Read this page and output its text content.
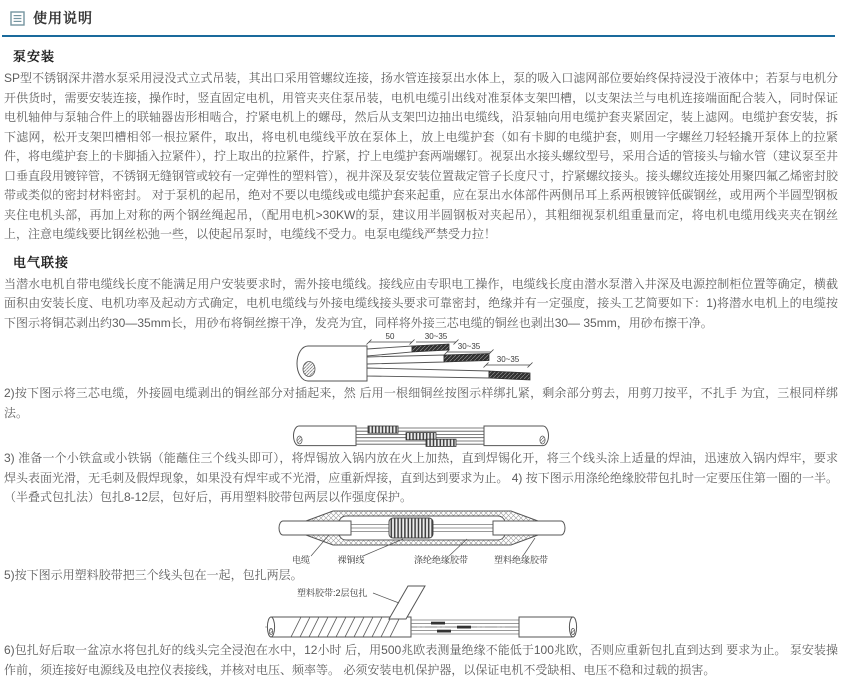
使用说明
泵安装

SP型不锈钢深井潜水泵采用浸没式立式吊装，其出口采用管螺纹连接，扬水管连接泵出水体上，泵的吸入口滤网部位要始终保持浸没于液体中；若泵与电机分开供货时，需要安装连接，操作时，竖直固定电机，用管夹夹住泵吊装，电机电缆引出线对准泵体支架凹槽，以支架法兰与电机连接端面配合装入，同时保证电机轴伸与泵轴合件上的联轴器齿形相啮合，拧紧电机上的螺母，然后从支架凹边抽出电缆线，沿泵轴向用电缆护套夹紧固定，装上滤网。电缆护套安装，拆下滤网，松开支架凹槽相邻一根拉紧件，取出，将电机电缆线平放在泵体上，放上电缆护套（如有卡脚的电缆护套，则用一字螺丝刀轻轻撬开泵体上的拉紧件，将电缆护套上的卡脚插入拉紧件），拧上取出的拉紧件，拧紧，拧上电缆护套两端螺钉。视泵出水接头螺纹型号，采用合适的管接头与输水管（建议泵至井口垂直段用镀锌管，不锈钢无缝钢管或较有一定弹性的塑料管），视井深及泵安装位置裁定管子长度尺寸，拧紧螺纹接头。接头螺纹连接处用聚四氟乙烯密封胶带或类似的密封材料密封。 对于泵机的起吊，绝对不要以电缆线或电缆护套来起重，应在泵出水体部件两侧吊耳上系两根镀锌低碳钢丝，或用两个半圆型钢板夹住电机头部，再加上对称的两个钢丝绳起吊，（配用电机>30KW的泵，建议用半圆钢板对夹起吊），其粗细视泵机组重量而定，将电机电缆用线夹夹在钢丝上，注意电缆线要比钢丝松弛一些，以使起吊泵时，电缆线不受力。电泵电缆线严禁受力拉！

电气联接

当潜水电机自带电缆线长度不能满足用户安装要求时，需外接电缆线。接线应由专职电工操作，电缆线长度由潜水泵潜入井深及电源控制柜位置等确定，横截面积由安装长度、电机功率及起动方式确定，电机电缆线与外接电缆线接头要求可靠密封，绝缘并有一定强度，接头工艺简要如下：1)将潜水电机上的电缆按下图示将铜芯剥出约30—35mm长，用砂布将铜丝擦干净，发亮为宜，同样将外接三芯电缆的铜丝也剥出30— 35mm，用砂布擦干净。

50	30~35
30~35
30~35

2)按下图示将三芯电缆，外接圆电缆剥出的铜丝部分对插起来，然 后用一根细铜丝按图示样绑扎紧，剩余部分剪去，用剪刀按平，不扎手 为宜，三根同样绑法。

3) 准备一个小铁盒或小铁锅（能蘸住三个线头即可），将焊锡放入锅内放在火上加热，直到焊锡化开，将三个线头涂上适量的焊油，迅速放入锅内焊牢，要求焊头表面光滑，无毛刺及假焊现象，如果没有焊牢或不光滑，应重新焊接，直到达到要求为止。 4) 按下图示用涤纶绝缘胶带包扎时一定要压住第一圈的一半。（半叠式包扎法）包扎8-12层，包好后，再用塑料胶带包两层以作强度保护。

电缆	裸铜线	涤纶绝缘胶带	塑料绝缘胶带

5)按下图示用塑料胶带把三个线头包在一起，包扎两层。

塑料胶带:2层包扎

6)包扎好后取一盆凉水将包扎好的线头完全浸泡在水中，12小时 后，用500兆欧表测量绝缘不能低于100兆欧，否则应重新包扎直到达到 要求为止。 泵安装操作前，须连接好电源线及电控仪表接线，并核对电压、频率等。 必须安装电机保护器，以保证电机不受缺相、电压不稳和过载的损害。
